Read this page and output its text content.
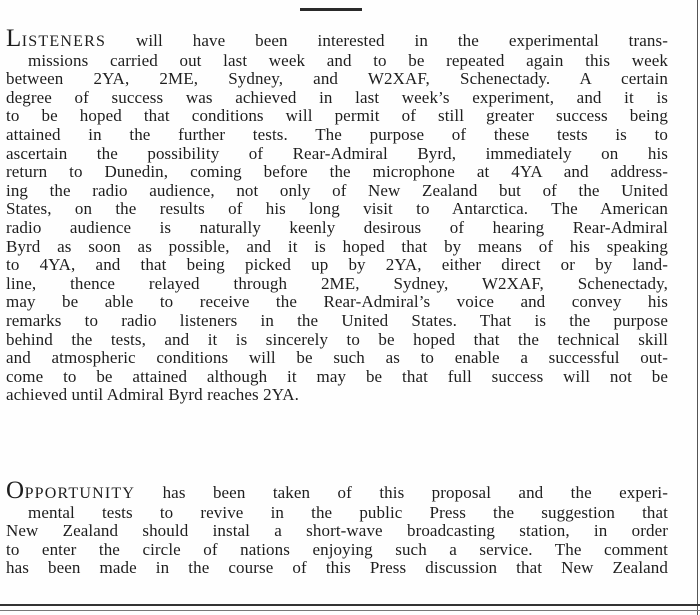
LISTENERS will have been interested in the experimental trans-
missions carried out last week and to be repeated again this week
between 2YA, 2ME, Sydney, and W2XAF, Schenectady. A certain
degree of success was achieved in last week’s experiment, and it is
to be hoped that conditions will permit of still greater success being
attained in the further tests. The purpose of these tests is to
ascertain the possibility of Rear-Admiral Byrd, immediately on his
return to Dunedin, coming before the microphone at 4YA and address-
ing the radio audience, not only of New Zealand but of the United
States, on the results of his long visit to Antarctica. The American
radio audience is naturally keenly desirous of hearing Rear-Admiral
Byrd as soon as possible, and it is hoped that by means of his speaking
to 4YA, and that being picked up by 2YA, either direct or by land-
line, thence relayed through 2ME, Sydney, W2XAF, Schenectady,
may be able to receive the Rear-Admiral’s voice and convey his
remarks to radio listeners in the United States. That is the purpose
behind the tests, and it is sincerely to be hoped that the technical skill
and atmospheric conditions will be such as to enable a successful out-
come to be attained although it may be that full success will not be
achieved until Admiral Byrd reaches 2YA.
OPPORTUNITY has been taken of this proposal and the experi-
mental tests to revive in the public Press the suggestion that
New Zealand should instal a short-wave broadcasting station, in order
to enter the circle of nations enjoying such a service. The comment
has been made in the course of this Press discussion that New Zealand
